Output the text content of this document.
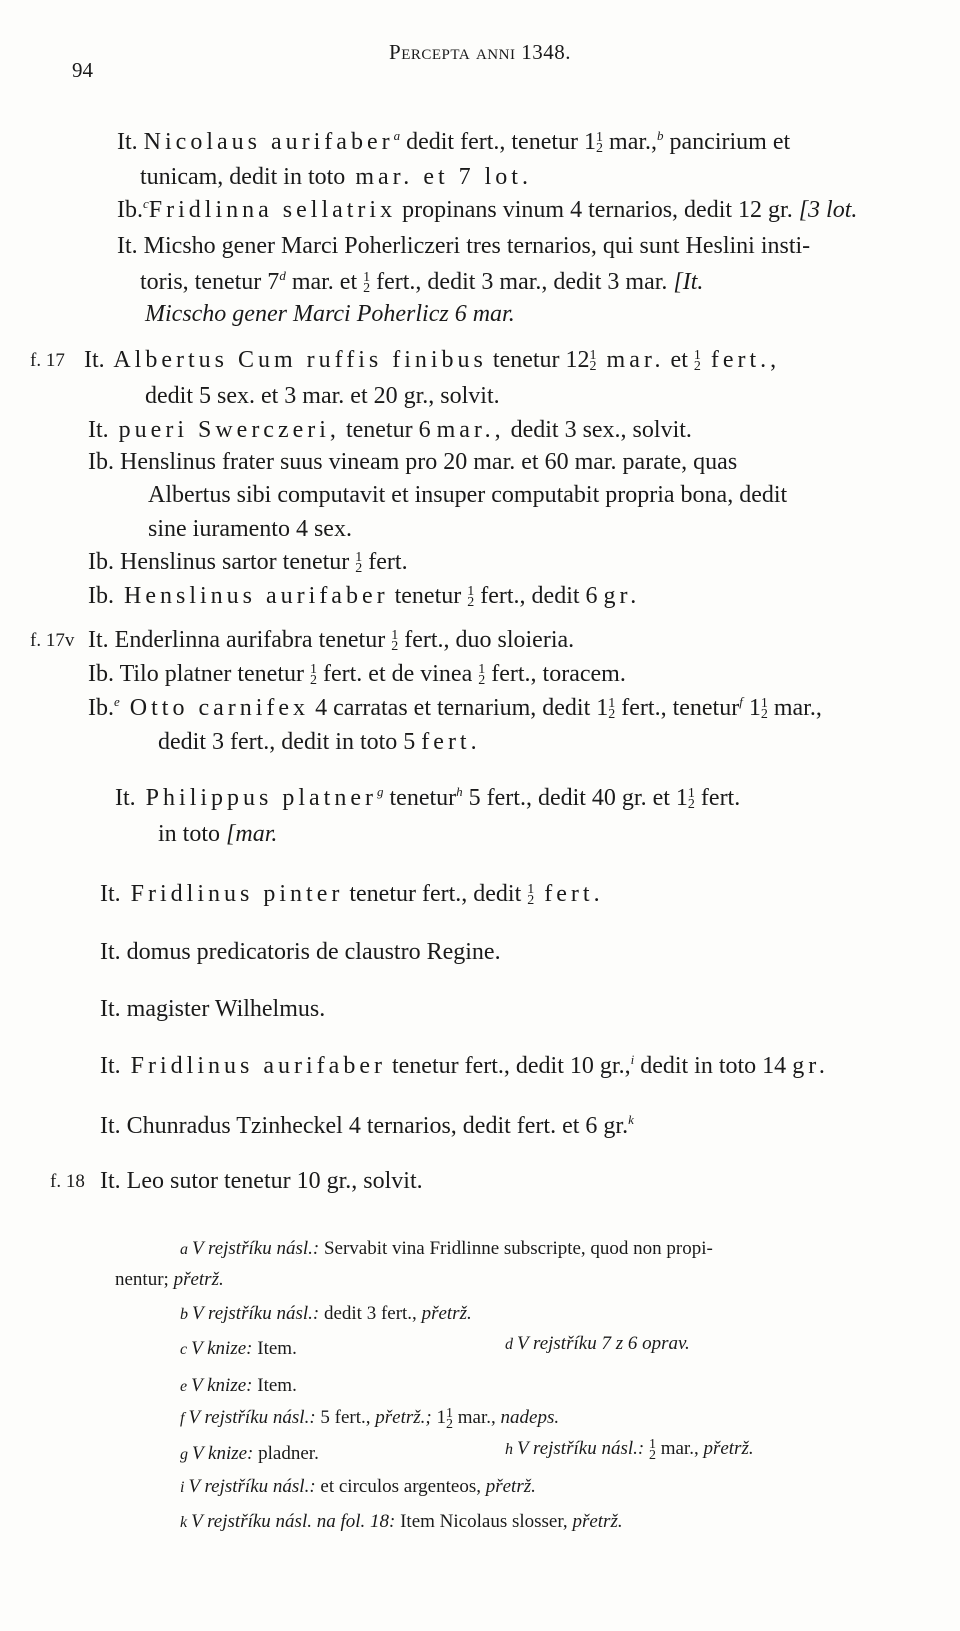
94
Percepta anni 1348.
It. Nicolaus aurifaber$^a$ dedit fert., tenetur 1 1
2 mar.,$^b$ pancirium et
tunicam, dedit in toto mar. et 7 lot.
Ib.$^c$Fridlinna sellatrix propinans vinum 4 ternarios, dedit 12 gr. [3 lot.
It. Micsho gener Marci Poherliczeri tres ternarios, qui sunt Heslini insti-
toris, tenetur 7$^d$ mar. et 1
2 fert., dedit 3 mar., dedit 3 mar. [It.
Micscho gener Marci Poherlicz 6 mar.
f. 17 It. Albertus Cum ruffis finibus tenetur 12 1
2 mar. et 1
2 fert.,
dedit 5 sex. et 3 mar. et 20 gr., solvit.
It. pueri Swerczeri, tenetur 6 mar., dedit 3 sex., solvit.
Ib. Henslinus frater suus vineam pro 20 mar. et 60 mar. parate, quas
Albertus sibi computavit et insuper computabit propria bona, dedit
sine iuramento 4 sex.
Ib. Henslinus sartor tenetur 1
2 fert.
Ib. Henslinus aurifaber tenetur 1
2 fert., dedit 6 gr.
f. 17v It. Enderlinna aurifabra tenetur 1
2 fert., duo sloieria.
Ib. Tilo platner tenetur 1
2 fert. et de vinea 1
2 fert., toracem.
Ib.$^e$ Otto carnifex 4 carratas et ternarium, dedit 1 1
2 fert., tenetur$^f$ 1 1
2 mar.,
dedit 3 fert., dedit in toto 5 fert.
It. Philippus platner$^g$ tenetur$^h$ 5 fert., dedit 40 gr. et 1 1
2 fert.
in toto [mar.
It. Fridlinus pinter tenetur fert., dedit 1
2 fert.
It. domus predicatoris de claustro Regine.
It. magister Wilhelmus.
It. Fridlinus aurifaber tenetur fert., dedit 10 gr.,$^i$ dedit in toto 14 gr.
It. Chunradus Tzinheckel 4 ternarios, dedit fert. et 6 gr.$^k$
f. 18 It. Leo sutor tenetur 10 gr., solvit.
a V rejstříku násl.: Servabit vina Fridlinne subscripte, quod non propi-
nentur; přetrž.
b V rejstříku násl.: dedit 3 fert., přetrž.
c V knize: Item.	d V rejstříku 7 z 6 oprav.
e V knize: Item.
f V rejstříku násl.: 5 fert., přetrž.; 1 1
2 mar., nadeps.
g V knize: pladner.	h V rejstříku násl.: 1
2 mar., přetrž.
i V rejstříku násl.: et circulos argenteos, přetrž.
k V rejstříku násl. na fol. 18: Item Nicolaus slosser, přetrž.
